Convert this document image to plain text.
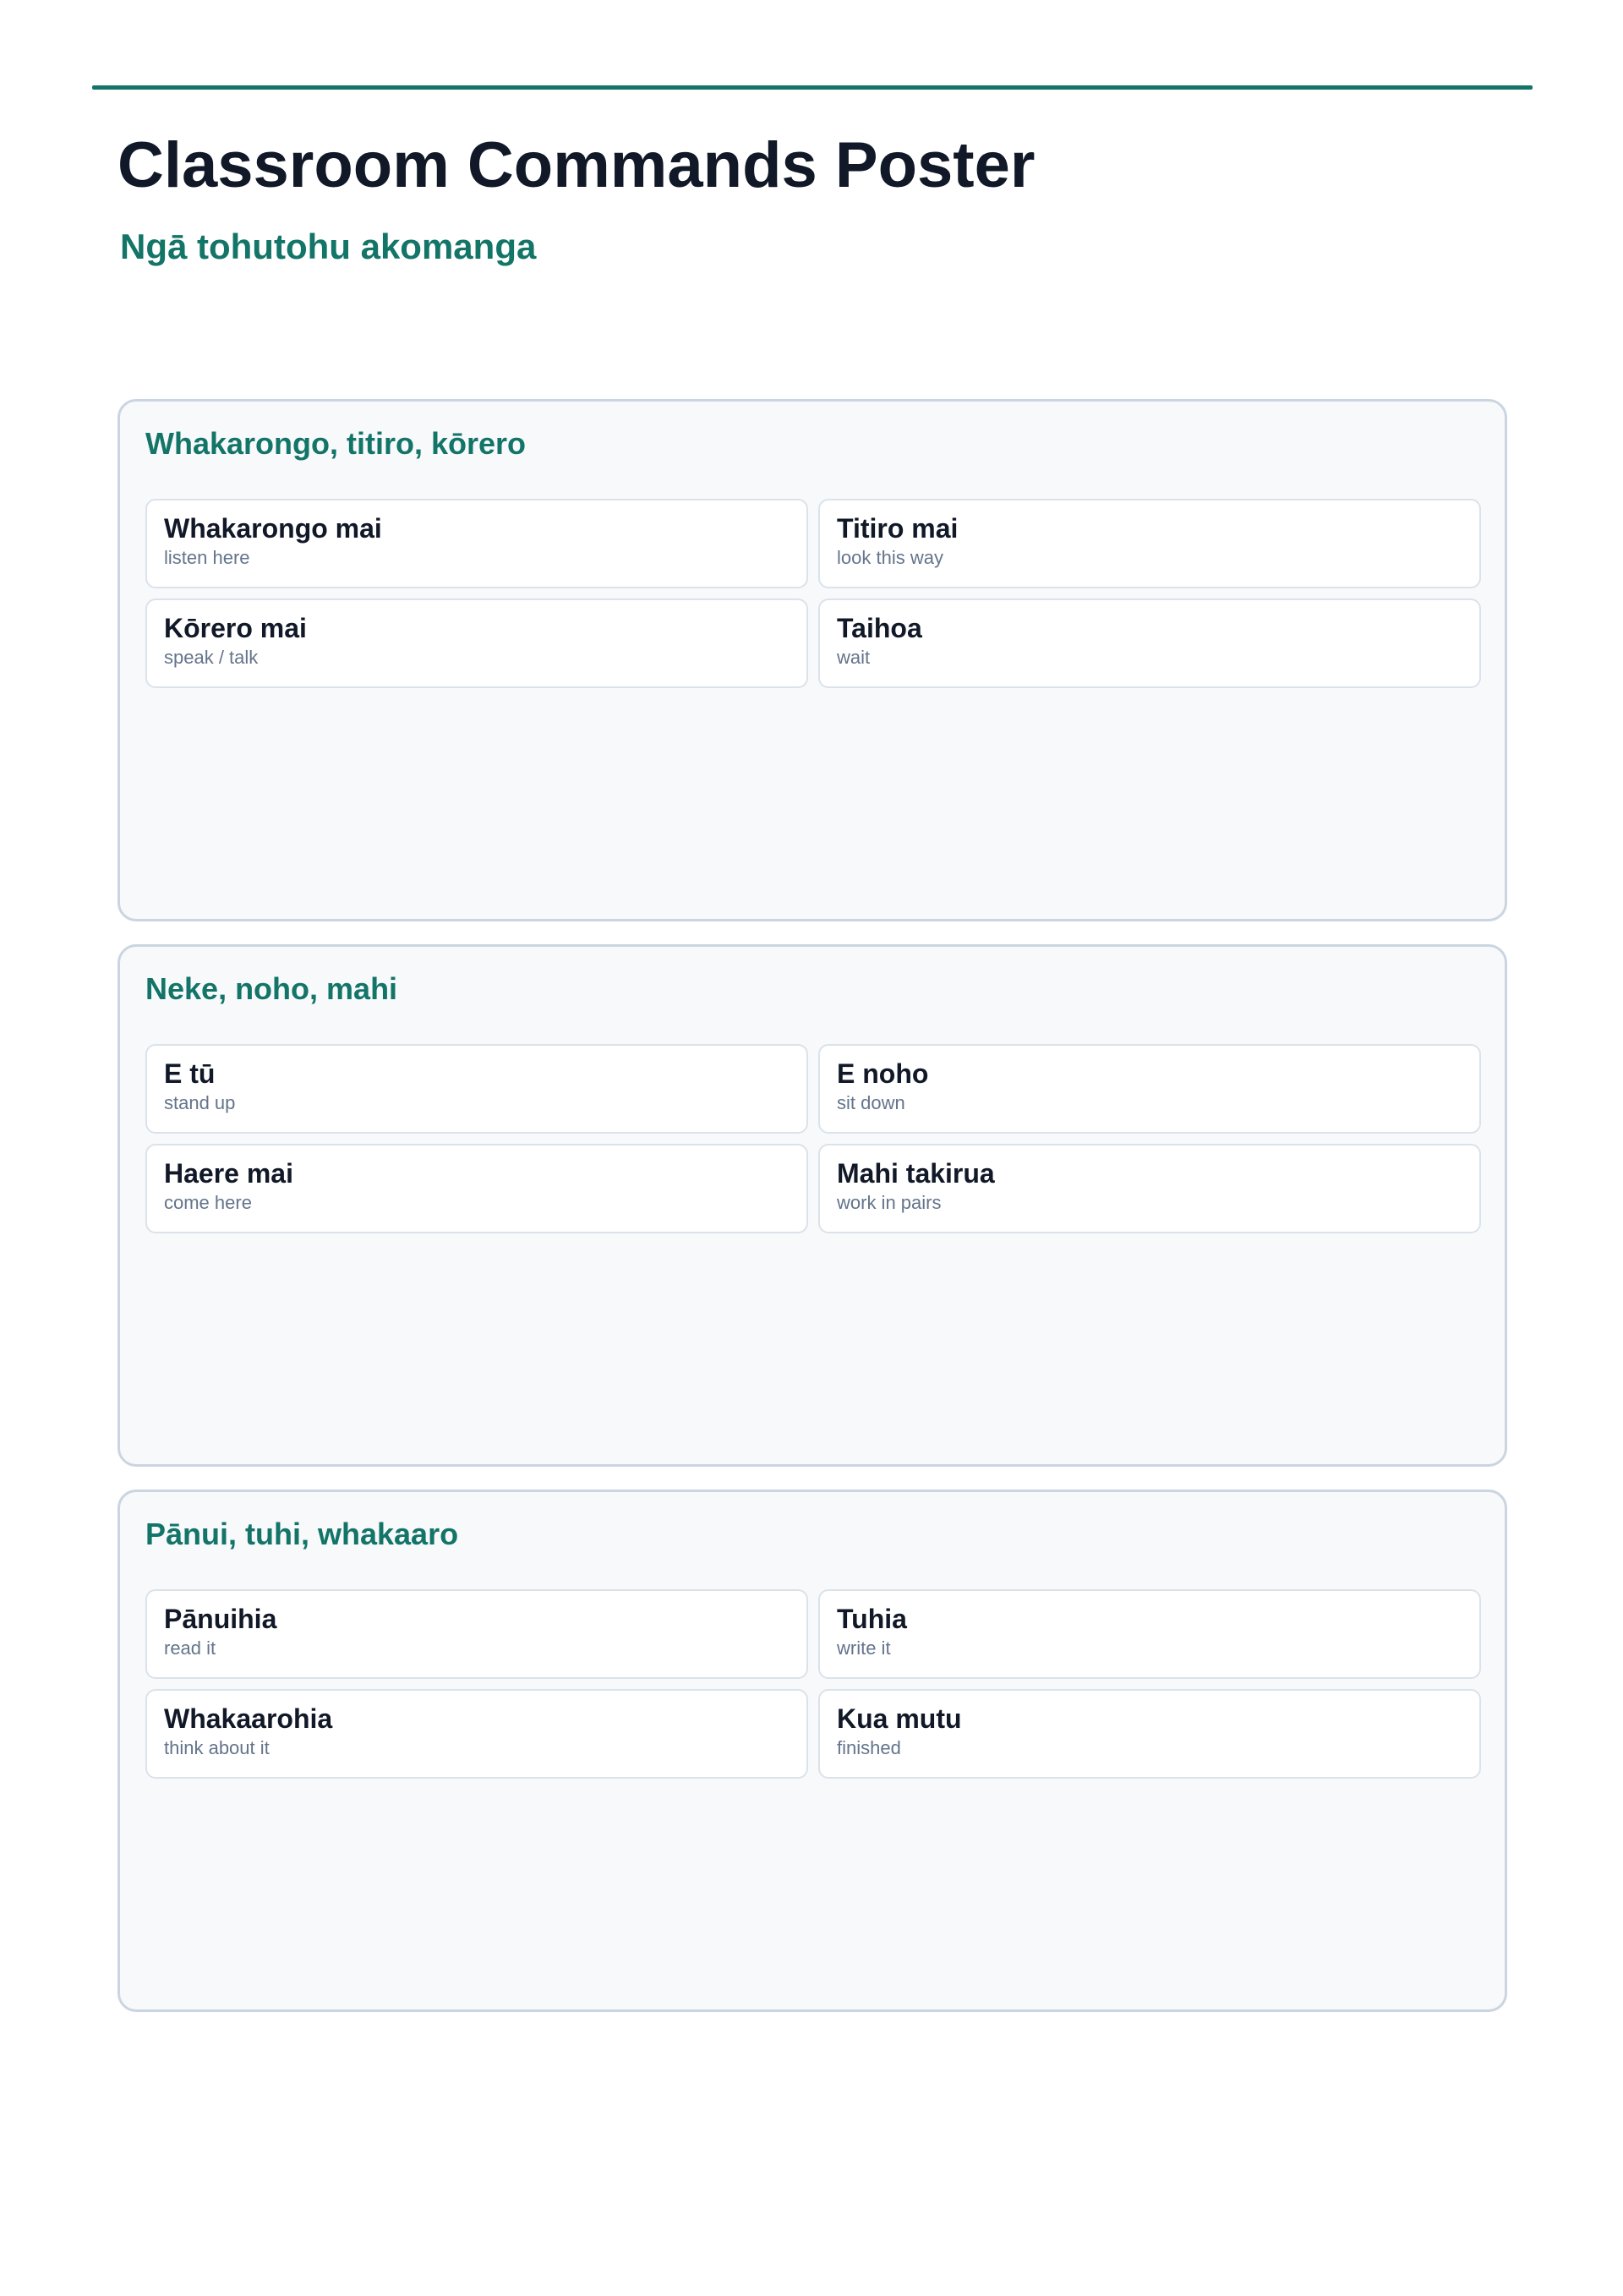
Classroom Commands Poster
Ngā tohutohu akomanga
Whakarongo, titiro, kōrero
Whakarongo mai
listen here
Titiro mai
look this way
Kōrero mai
speak / talk
Taihoa
wait
Neke, noho, mahi
E tū
stand up
E noho
sit down
Haere mai
come here
Mahi takirua
work in pairs
Pānui, tuhi, whakaaro
Pānuihia
read it
Tuhia
write it
Whakaarohia
think about it
Kua mutu
finished
